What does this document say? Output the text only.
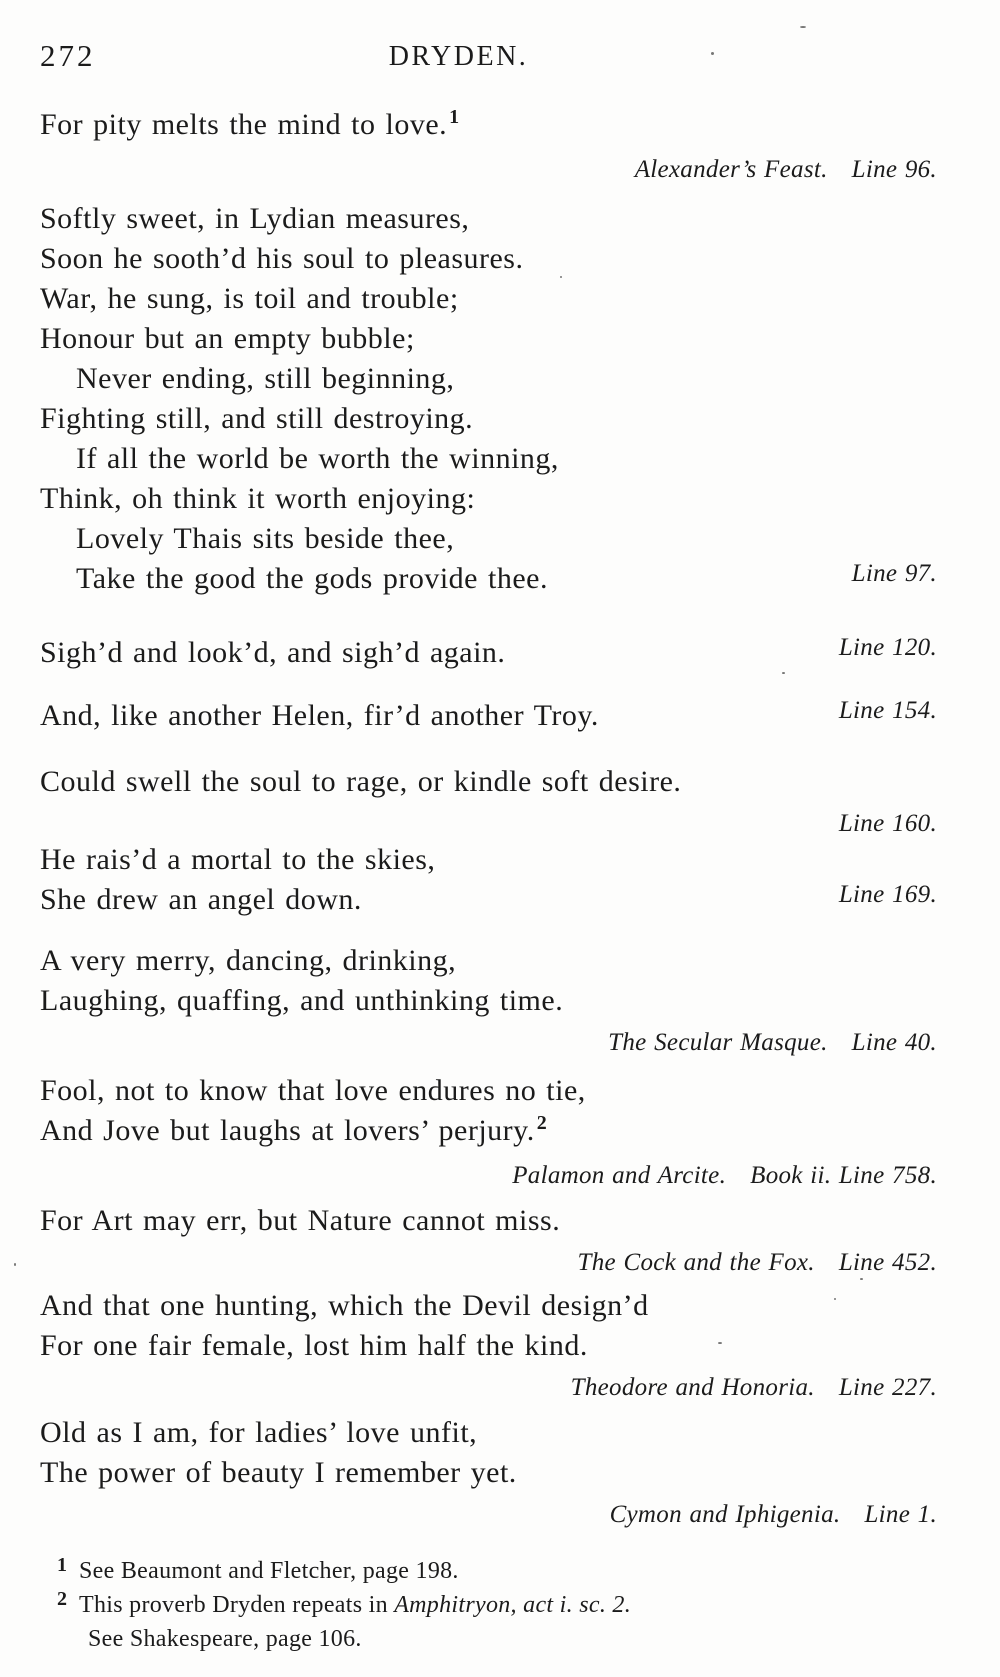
272	DRYDEN.
For pity melts the mind to love. $^1$
Alexander’s Feast. Line 96.
Softly sweet, in Lydian measures,
Soon he sooth’d his soul to pleasures.
War, he sung, is toil and trouble;
Honour but an empty bubble;
Never ending, still beginning,
Fighting still, and still destroying.
If all the world be worth the winning,
Think, oh think it worth enjoying:
Lovely Thais sits beside thee,
Take the good the gods provide thee.	Line 97.
Sigh’d and look’d, and sigh’d again.	Line 120.
And, like another Helen, fir’d another Troy.	Line 154.
Could swell the soul to rage, or kindle soft desire.
Line 160.
He rais’d a mortal to the skies,
She drew an angel down.	Line 169.
A very merry, dancing, drinking,
Laughing, quaffing, and unthinking time.
The Secular Masque. Line 40.
Fool, not to know that love endures no tie,
And Jove but laughs at lovers’ perjury. $^2$
Palamon and Arcite. Book ii. Line 758.
For Art may err, but Nature cannot miss.
The Cock and the Fox. Line 452.
And that one hunting, which the Devil design’d
For one fair female, lost him half the kind.
Theodore and Honoria. Line 227.
Old as I am, for ladies’ love unfit,
The power of beauty I remember yet.
Cymon and Iphigenia. Line 1.
$^1$ See Beaumont and Fletcher, page 198.
$^2$ This proverb Dryden repeats in Amphitryon, act i. sc. 2.
See Shakespeare, page 106.
